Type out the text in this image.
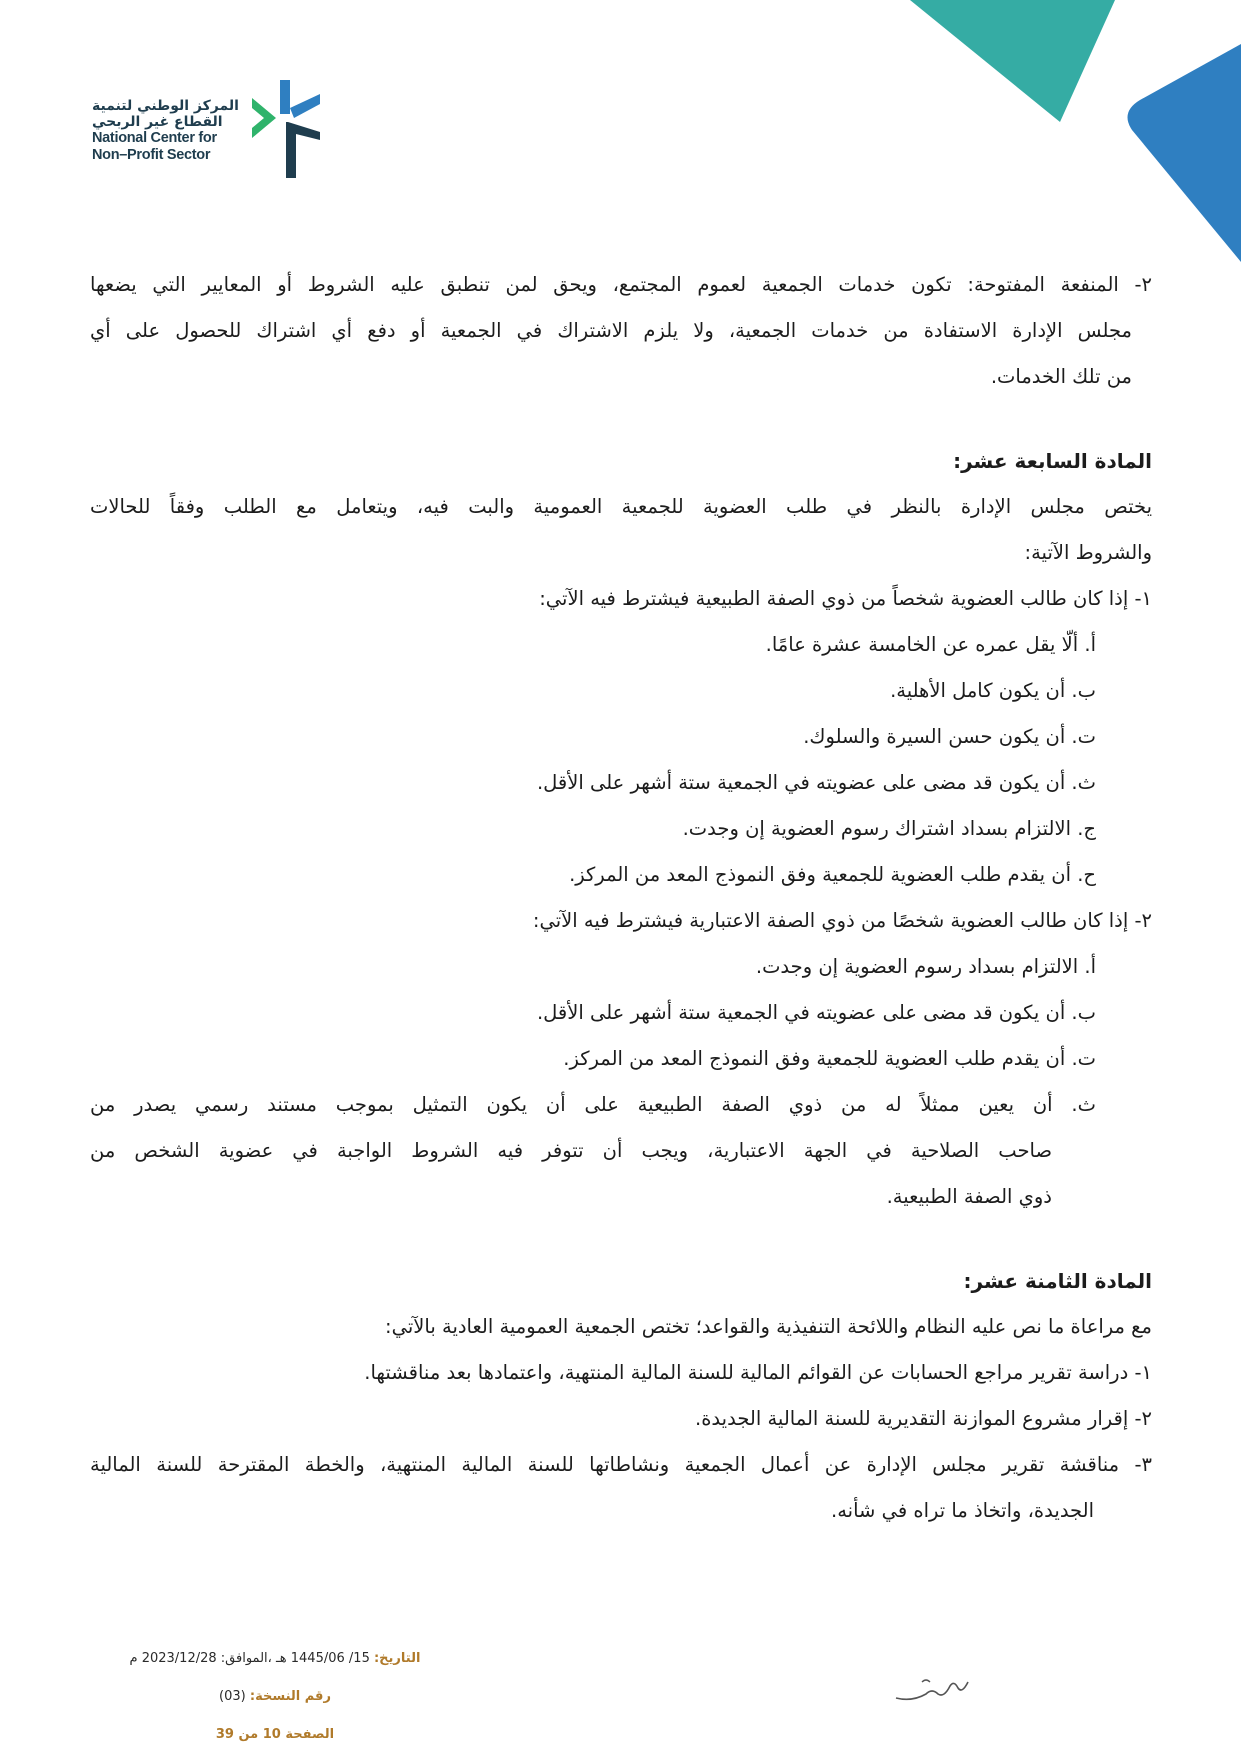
المركز الوطني لتنمية
القطاع غير الربحي
National Center for
Non–Profit Sector
٢- المنفعة المفتوحة: تكون خدمات الجمعية لعموم المجتمع، ويحق لمن تنطبق عليه الشروط أو المعايير التي يضعها
مجلس الإدارة الاستفادة من خدمات الجمعية، ولا يلزم الاشتراك في الجمعية أو دفع أي اشتراك للحصول على أي
من تلك الخدمات.
المادة السابعة عشر:
يختص مجلس الإدارة بالنظر في طلب العضوية للجمعية العمومية والبت فيه، ويتعامل مع الطلب وفقاً للحالات
والشروط الآتية:
١- إذا كان طالب العضوية شخصاً من ذوي الصفة الطبيعية فيشترط فيه الآتي:
أ. ألّا يقل عمره عن الخامسة عشرة عامًا.
ب. أن يكون كامل الأهلية.
ت. أن يكون حسن السيرة والسلوك.
ث. أن يكون قد مضى على عضويته في الجمعية ستة أشهر على الأقل.
ج. الالتزام بسداد اشتراك رسوم العضوية إن وجدت.
ح. أن يقدم طلب العضوية للجمعية وفق النموذج المعد من المركز.
٢- إذا كان طالب العضوية شخصًا من ذوي الصفة الاعتبارية فيشترط فيه الآتي:
أ. الالتزام بسداد رسوم العضوية إن وجدت.
ب. أن يكون قد مضى على عضويته في الجمعية ستة أشهر على الأقل.
ت. أن يقدم طلب العضوية للجمعية وفق النموذج المعد من المركز.
ث. أن يعين ممثلاً له من ذوي الصفة الطبيعية على أن يكون التمثيل بموجب مستند رسمي يصدر من
صاحب الصلاحية في الجهة الاعتبارية، ويجب أن تتوفر فيه الشروط الواجبة في عضوية الشخص من
ذوي الصفة الطبيعية.
المادة الثامنة عشر:
مع مراعاة ما نص عليه النظام واللائحة التنفيذية والقواعد؛ تختص الجمعية العمومية العادية بالآتي:
١- دراسة تقرير مراجع الحسابات عن القوائم المالية للسنة المالية المنتهية، واعتمادها بعد مناقشتها.
٢- إقرار مشروع الموازنة التقديرية للسنة المالية الجديدة.
٣- مناقشة تقرير مجلس الإدارة عن أعمال الجمعية ونشاطاتها للسنة المالية المنتهية، والخطة المقترحة للسنة المالية
الجديدة، واتخاذ ما تراه في شأنه.
التاريخ: 15/ 1445/06 هـ ،الموافق: 2023/12/28 م
رقم النسخة: (03)
الصفحة 10 من 39
